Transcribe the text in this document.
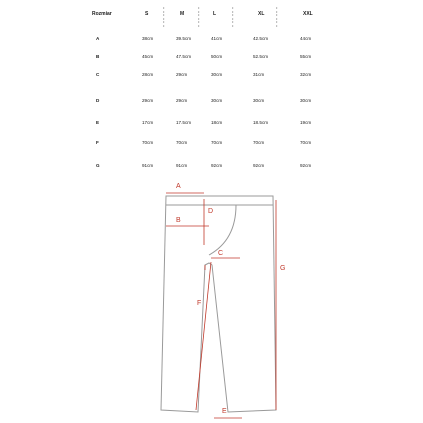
Rozmiar	S	M	L	XL	XXL
•
•
•
•
•
•
•
•
•
•
•
•
•
•
•
•
•
•
•
•
•
•
•
•
A	38cm	39.5cm	41cm	42.5cm	44cm
B	45cm	47.5cm	50cm	52.5cm	55cm
C	28cm	29cm	30cm	31cm	32cm
D	29cm	29cm	30cm	30cm	30cm
E	17cm	17.5cm	18cm	18.5cm	19cm
F	70cm	70cm	70cm	70cm	70cm
G	91cm	91cm	92cm	92cm	92cm
A
B
D
C
F
G
E
